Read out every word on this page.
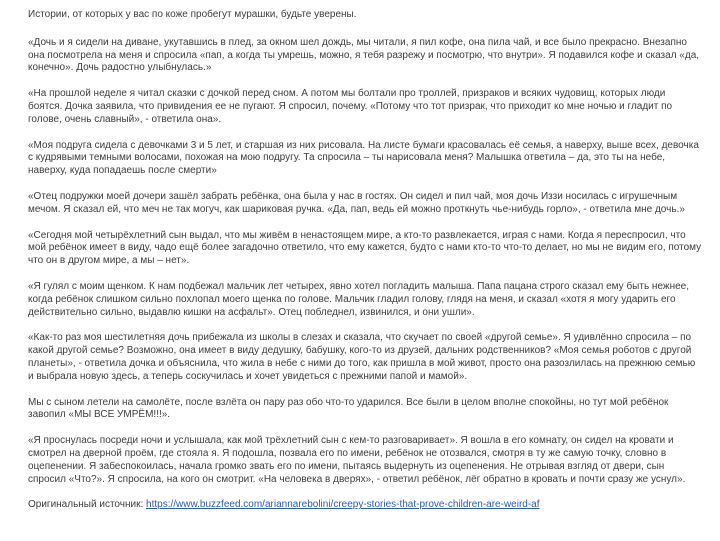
Истории, от которых у вас по коже пробегут мурашки, будьте уверены.

«Дочь и я сидели на диване, укутавшись в плед, за окном шел дождь, мы читали, я пил кофе, она пила чай, и все было прекрасно. Внезапно она посмотрела на меня и спросила «пап, а когда ты умрешь, можно, я тебя разрежу и посмотрю, что внутри». Я подавился кофе и сказал «да, конечно». Дочь радостно улыбнулась.»

«На прошлой неделе я читал сказки с дочкой перед сном. А потом мы болтали про троллей, призраков и всяких чудовищ, которых люди боятся. Дочка заявила, что привидения ее не пугают. Я спросил, почему. «Потому что тот призрак, что приходит ко мне ночью и гладит по голове, очень славный», - ответила она».

«Моя подруга сидела с девочками 3 и 5 лет, и старшая из них рисовала. На листе бумаги красовалась её семья, а наверху, выше всех, девочка с кудрявыми темными волосами, похожая на мою подругу. Та спросила – ты нарисовала меня? Малышка ответила – да, это ты на небе, наверху, куда попадаешь после смерти»

«Отец подружки моей дочери зашёл забрать ребёнка, она была у нас в гостях. Он сидел и пил чай, моя дочь Иззи носилась с игрушечным мечом. Я сказал ей, что меч не так могуч, как шариковая ручка. «Да, пап, ведь ей можно проткнуть чье-нибудь горло», - ответила мне дочь.»

«Сегодня мой четырёхлетний сын выдал, что мы живём в ненастоящем мире, а кто-то развлекается, играя с нами. Когда я переспросил, что мой ребёнок имеет в виду, чадо ещё более загадочно ответило, что ему кажется, будто с нами кто-то что-то делает, но мы не видим его, потому что он в другом мире, а мы – нет».

«Я гулял с моим щенком. К нам подбежал мальчик лет четырех, явно хотел погладить малыша. Папа пацана строго сказал ему быть нежнее, когда ребёнок слишком сильно похлопал моего щенка по голове. Мальчик гладил голову, глядя на меня, и сказал «хотя я могу ударить его действительно сильно, выдавлю кишки на асфальт». Отец побледнел, извинился, и они ушли».

«Как-то раз моя шестилетняя дочь прибежала из школы в слезах и сказала, что скучает по своей «другой семье». Я удивлённо спросила – по какой другой семье? Возможно, она имеет в виду дедушку, бабушку, кого-то из друзей, дальних родственников? «Моя семья роботов с другой планеты», - ответила дочка и объяснила, что жила в небе с ними до того, как пришла в мой живот, просто она разозлилась на прежнюю семью и выбрала новую здесь, а теперь соскучилась и хочет увидеться с прежними папой и мамой».

Мы с сыном летели на самолёте, после взлёта он пару раз обо что-то ударился. Все были в целом вполне спокойны, но тут мой ребёнок завопил «МЫ ВСЕ УМРЁМ!!!».

«Я проснулась посреди ночи и услышала, как мой трёхлетний сын с кем-то разговаривает». Я вошла в его комнату, он сидел на кровати и смотрел на дверной проём, где стояла я. Я подошла, позвала его по имени, ребёнок не отозвался, смотря в ту же самую точку, словно в оцепенении. Я забеспокоилась, начала громко звать его по имени, пытаясь выдернуть из оцепенения. Не отрывая взгляд от двери, сын спросил «Что?». Я спросила, на кого он смотрит. «На человека в дверях», - ответил ребёнок, лёг обратно в кровать и почти сразу же уснул».

Оригинальный источник: https://www.buzzfeed.com/ariannarebolini/creepy-stories-that-prove-children-are-weird-af
